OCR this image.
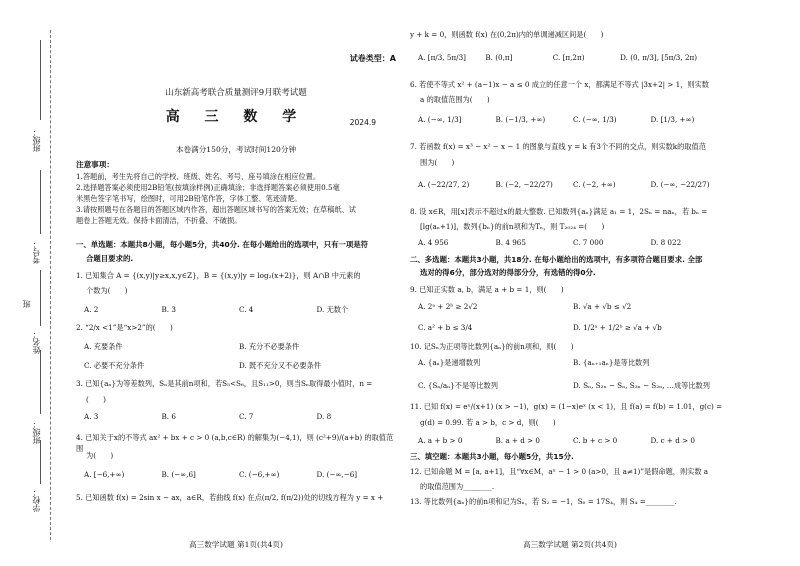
班级：
考号：
姓名：
班
班级：
学校：
试卷类型：A
山东新高考联合质量测评9月联考试题
高 三 数 学	2024.9
本卷满分150分，考试时间120分钟
注意事项：
1.答题前，考生先将自己的学校、班级、姓名、考号、座号填涂在相应位置。
2.选择题答案必须使用2B铅笔(按填涂样例)正确填涂；非选择题答案必须使用0.5毫
米黑色签字笔书写，绘图时，可用2B铅笔作答，字体工整、笔迹清楚。
3.请按照题号在各题目的答题区域内作答，超出答题区域书写的答案无效；在草稿纸、试
题卷上答题无效。保持卡面清洁，不折叠、不破损。
一、单选题：本题共8小题，每小题5分，共40分. 在每小题给出的选项中，只有一项是符
合题目要求的.
1. 已知集合 A = {(x,y)|y≥x,x,y∈Z}，B = {(x,y)|y = log₂(x+2)}，则 A∩B 中元素的
个数为(　　)
A. 2	B. 3	C. 4	D. 无数个
2. “2/x <1”是“x>2”的(　　)
A. 充要条件	B. 充分不必要条件
C. 必要不充分条件	D. 既不充分又不必要条件
3. 已知{aₙ}为等差数列，Sₙ是其前n项和，若S₅<S₆，且S₁₁>0，则当Sₙ取得最小值时，n =
(　　)
A. 3	B. 6	C. 7	D. 8
4. 已知关于x的不等式 ax² + bx + c > 0 (a,b,c∈R) 的解集为(−4,1)，则 (c²+9)/(a+b) 的取值范围
为(　　)
A. [−6,+∞)	B. (−∞,6]	C. (−6,+∞)	D. (−∞,−6]
5. 已知函数 f(x) = 2sin x − ax，a∈R，若曲线 f(x) 在点(π/2, f(π/2))处的切线方程为 y = x +
高三数学试题 第1页(共4页)
y + k = 0，则函数 f(x) 在(0,2π)内的单调递减区间是(　　)
A. [π/3, 5π/3]	B. (0,π]	C. [π,2π)	D. (0, π/3], [5π/3, 2π)
6. 若使不等式 x² + (a−1)x − a ≤ 0 成立的任意一个 x，都满足不等式 |3x+2| > 1，则实数
a 的取值范围为(　　)
A. (−∞, 1/3]	B. (−1/3, +∞)	C. (−∞, 1/3)	D. [1/3, +∞)
7. 若函数 f(x) = x³ − x² − x − 1 的图象与直线 y = k 有3个不同的交点，则实数k的取值范
围为(　　)
A. (−22/27, 2)	B. (−2, −22/27)	C. (−2, +∞)	D. (−∞, −22/27)
8. 设 x∈R，用[x]表示不超过x的最大整数. 已知数列{aₙ}满足 a₁ = 1，2Sₙ = naₙ，若 bₙ =
[lg(aₙ+1)]，数列{bₙ}的前n项和为Tₙ，则 T₂₀₂₄ =(　　)
A. 4 956	B. 4 965	C. 7 000	D. 8 022
二、多选题：本题共3小题，共18分. 在每小题给出的选项中，有多项符合题目要求. 全部
选对的得6分，部分选对的得部分分，有选错的得0分.
9. 已知正实数 a, b，满足 a + b = 1，则(　　)
A. 2ᵃ + 2ᵇ ≥ 2√2	B. √a + √b ≤ √2
C. a² + b ≤ 3/4	D. 1/2ᵃ + 1/2ᵇ ≥ √a + √b
10. 记Sₙ为正项等比数列{aₙ}的前n项和，则(　　)
A. {aₙ}是递增数列	B. {aₙ₊₁aₙ}是等比数列
C. {Sₙ/aₙ}不是等比数列	D. Sₙ, S₂ₙ − Sₙ, S₃ₙ − S₂ₙ, …成等比数列
11. 已知 f(x) = eˣ/(x+1) (x > −1)，g(x) = (1−x)eˣ (x < 1)，且 f(a) = f(b) = 1.01，g(c) =
g(d) = 0.99. 若 a > b，c > d，则(　　)
A. a + b > 0	B. a + d > 0	C. b + c > 0	D. c + d > 0
三、填空题：本题共3小题，每小题5分，共15分.
12. 已知命题 M = [a, a+1]，且“∀x∈M，aˣ − 1 > 0 (a>0，且 a≠1)”是假命题，则实数 a
的取值范围为________.
13. 等比数列{aₙ}的前n项和记为Sₙ，若 S₂ = −1，S₆ = 17S₄，则 S₄ =________.
高三数学试题 第2页(共4页)
